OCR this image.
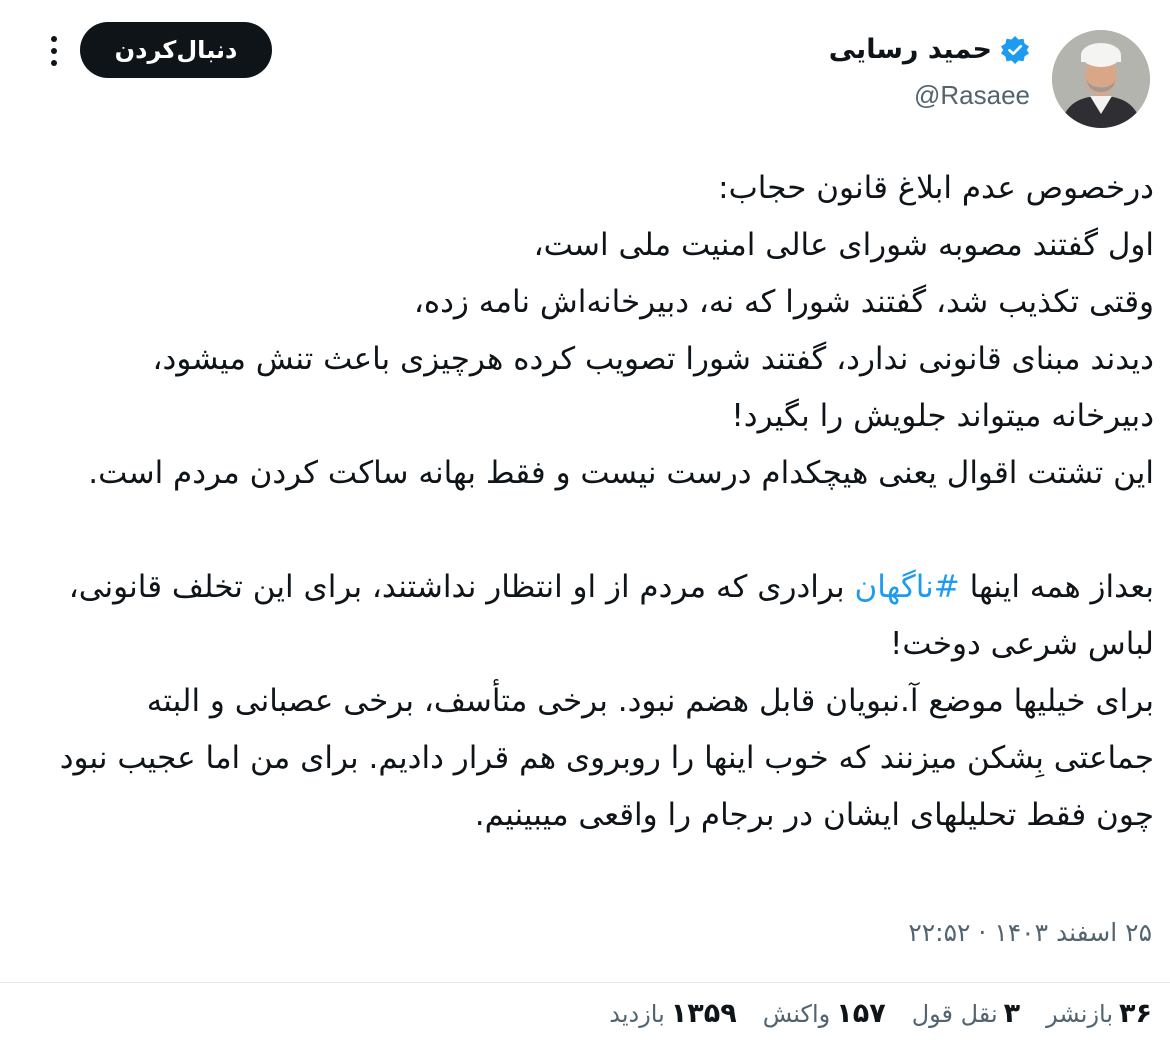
حمید رسایی
@Rasaee
دنبال‌کردن

درخصوص عدم ابلاغ قانون حجاب:

اول گفتند مصوبه شورای عالی امنیت ملی است،

وقتی تکذیب شد، گفتند شورا که نه، دبیرخانه‌اش نامه زده،

دیدند مبنای قانونی ندارد، گفتند شورا تصویب کرده هرچیزی باعث تنش میشود، دبیرخانه میتواند جلویش را بگیرد!

این تشتت اقوال یعنی هیچکدام درست نیست و فقط بهانه ساکت کردن مردم است.

بعداز همه اینها #ناگهان برادری که مردم از او انتظار نداشتند، برای این تخلف قانونی، لباس شرعی دوخت!

برای خیلیها موضع آ.نبویان قابل هضم نبود. برخی متأسف، برخی عصبانی و البته جماعتی بِشکن میزنند که خوب اینها را روبروی هم قرار دادیم. برای من اما عجیب نبود چون فقط تحلیلهای ایشان در برجام را واقعی میبینیم.

۲۵ اسفند ۱۴۰۳ · ۲۲:۵۲
۳۶بازنشر
۳نقل قول
۱۵۷واکنش
۱۳۵۹بازدید
